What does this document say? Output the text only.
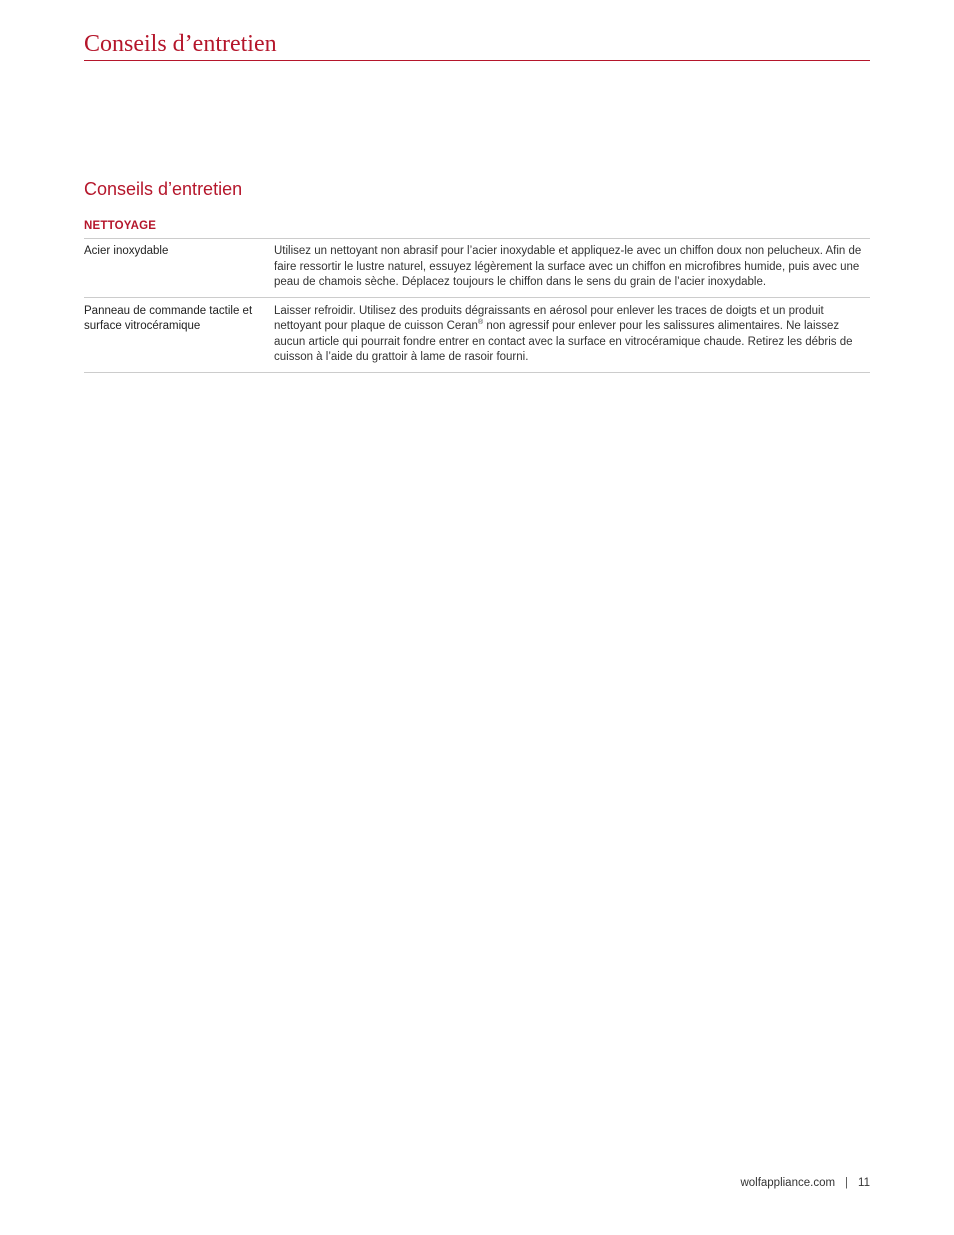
Conseils d’entretien
Conseils d’entretien
NETTOYAGE
Acier inoxydable	Utilisez un nettoyant non abrasif pour l’acier inoxydable et appliquez-le avec un chiffon doux non pelucheux. Afin de faire ressortir le lustre naturel, essuyez légèrement la surface avec un chiffon en microfibres humide, puis avec une peau de chamois sèche. Déplacez toujours le chiffon dans le sens du grain de l’acier inoxydable.
Panneau de commande tactile et surface vitrocéramique
Laisser refroidir. Utilisez des produits dégraissants en aérosol pour enlever les traces de doigts et un produit nettoyant pour plaque de cuisson Ceran® non agressif pour enlever pour les salissures alimentaires. Ne laissez aucun article qui pourrait fondre entrer en contact avec la surface en vitrocéramique chaude. Retirez les débris de cuisson à l’aide du grattoir à lame de rasoir fourni.
wolfappliance.com | 11
